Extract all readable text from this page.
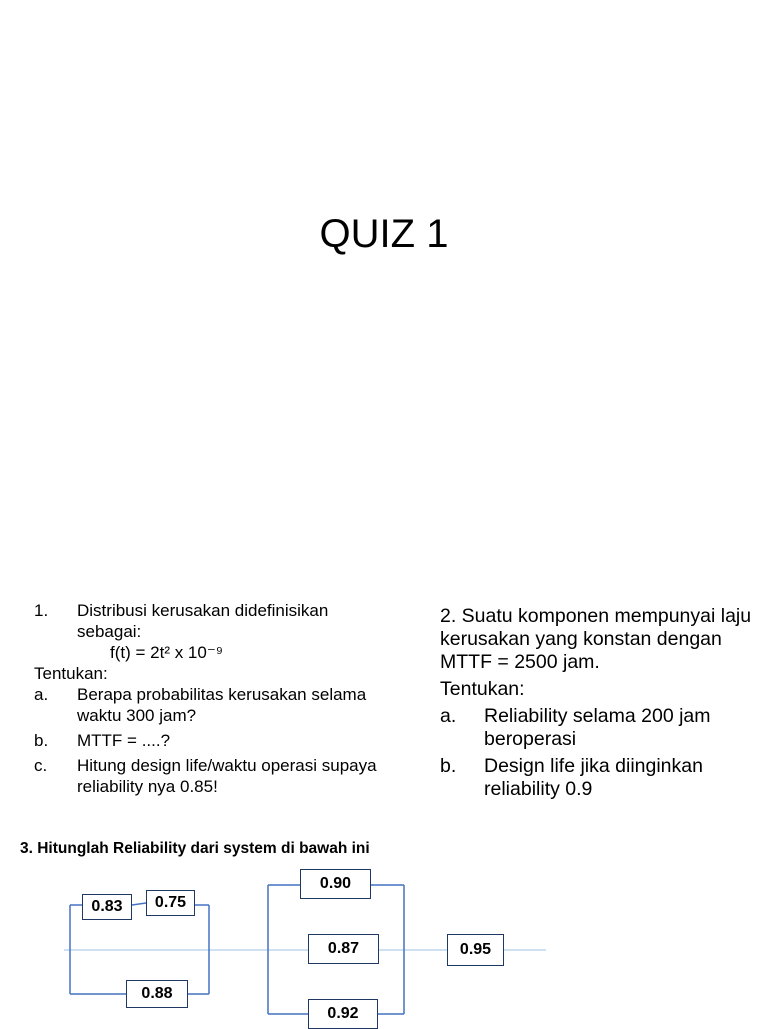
QUIZ 1
1.	Distribusi kerusakan didefinisikan sebagai:
f(t) = 2t² x 10⁻⁹
Tentukan:
a.	Berapa probabilitas kerusakan selama waktu 300 jam?
b.	MTTF = ....?
c.	Hitung design life/waktu operasi supaya reliability nya 0.85!
2. Suatu komponen mempunyai laju kerusakan yang konstan dengan MTTF = 2500 jam.
Tentukan:
a.	Reliability selama 200 jam beroperasi
b.	Design life jika diinginkan reliability 0.9
3. Hitunglah Reliability dari system di bawah ini
0.83	0.75
0.88
0.90
0.87
0.92
0.95
